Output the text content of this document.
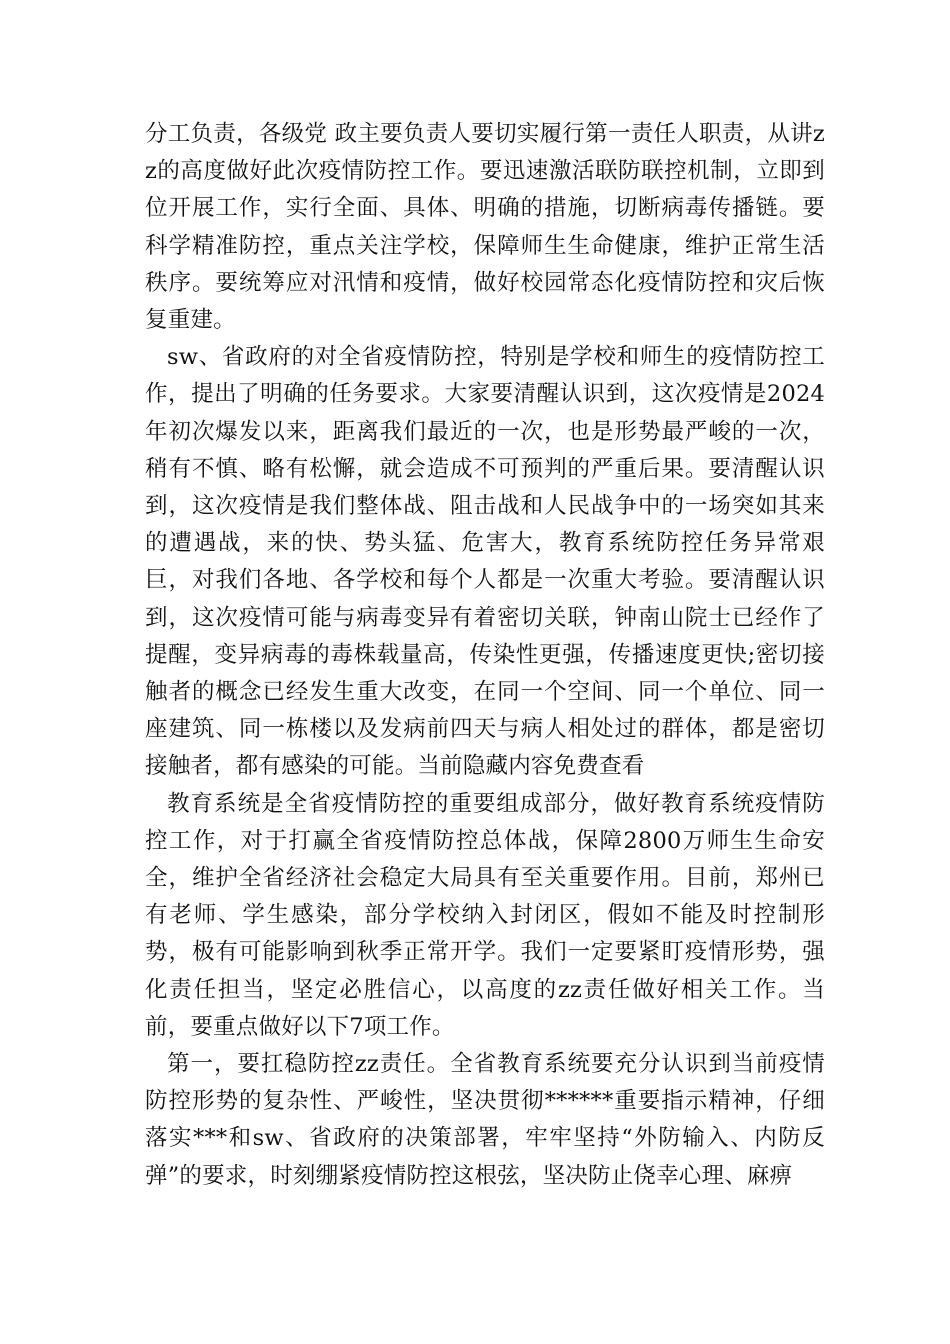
分工负责，各级党 政主要负责人要切实履行第一责任人职责，从讲zz的高度做好此次疫情防控工作。要迅速激活联防联控机制，立即到位开展工作，实行全面、具体、明确的措施，切断病毒传播链。要科学精准防控，重点关注学校，保障师生生命健康，维护正常生活秩序。要统筹应对汛情和疫情，做好校园常态化疫情防控和灾后恢复重建。

sw、省政府的对全省疫情防控，特别是学校和师生的疫情防控工作，提出了明确的任务要求。大家要清醒认识到，这次疫情是2024年初次爆发以来，距离我们最近的一次，也是形势最严峻的一次，稍有不慎、略有松懈，就会造成不可预判的严重后果。要清醒认识到，这次疫情是我们整体战、阻击战和人民战争中的一场突如其来的遭遇战，来的快、势头猛、危害大，教育系统防控任务异常艰巨，对我们各地、各学校和每个人都是一次重大考验。要清醒认识到，这次疫情可能与病毒变异有着密切关联，钟南山院士已经作了提醒，变异病毒的毒株载量高，传染性更强，传播速度更快;密切接触者的概念已经发生重大改变，在同一个空间、同一个单位、同一座建筑、同一栋楼以及发病前四天与病人相处过的群体，都是密切接触者，都有感染的可能。当前隐藏内容免费查看

教育系统是全省疫情防控的重要组成部分，做好教育系统疫情防控工作，对于打赢全省疫情防控总体战，保障2800万师生生命安全，维护全省经济社会稳定大局具有至关重要作用。目前，郑州已有老师、学生感染，部分学校纳入封闭区，假如不能及时控制形势，极有可能影响到秋季正常开学。我们一定要紧盯疫情形势，强化责任担当，坚定必胜信心，以高度的zz责任做好相关工作。当前，要重点做好以下7项工作。

第一，要扛稳防控zz责任。全省教育系统要充分认识到当前疫情防控形势的复杂性、严峻性，坚决贯彻******重要指示精神，仔细落实***和sw、省政府的决策部署，牢牢坚持“外防输入、内防反弹”的要求，时刻绷紧疫情防控这根弦，坚决防止侥幸心理、麻痹
